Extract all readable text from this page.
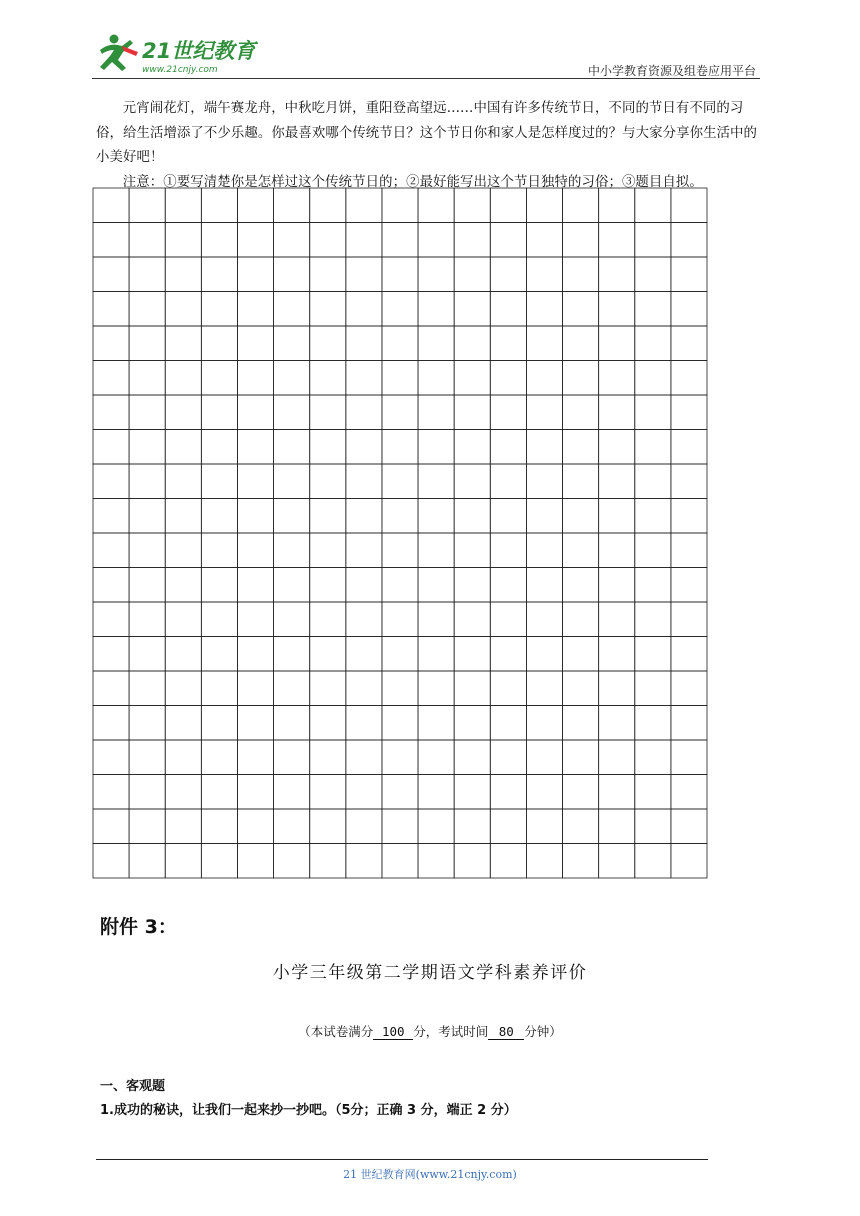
21世纪教育
www.21cnjy.com	中小学教育资源及组卷应用平台

元宵闹花灯，端午赛龙舟，中秋吃月饼，重阳登高望远……中国有许多传统节日，不同的节日有不同的习俗，给生活增添了不少乐趣。你最喜欢哪个传统节日？这个节日你和家人是怎样度过的？与大家分享你生活中的小美好吧！

注意：①要写清楚你是怎样过这个传统节日的；②最好能写出这个节日独特的习俗；③题目自拟。

附件 3：
小学三年级第二学期语文学科素养评价
（本试卷满分 100 分，考试时间 80 分钟）
一、客观题
1.成功的秘诀，让我们一起来抄一抄吧。（5分；正确 3 分，端正 2 分）
21 世纪教育网(www.21cnjy.com)
